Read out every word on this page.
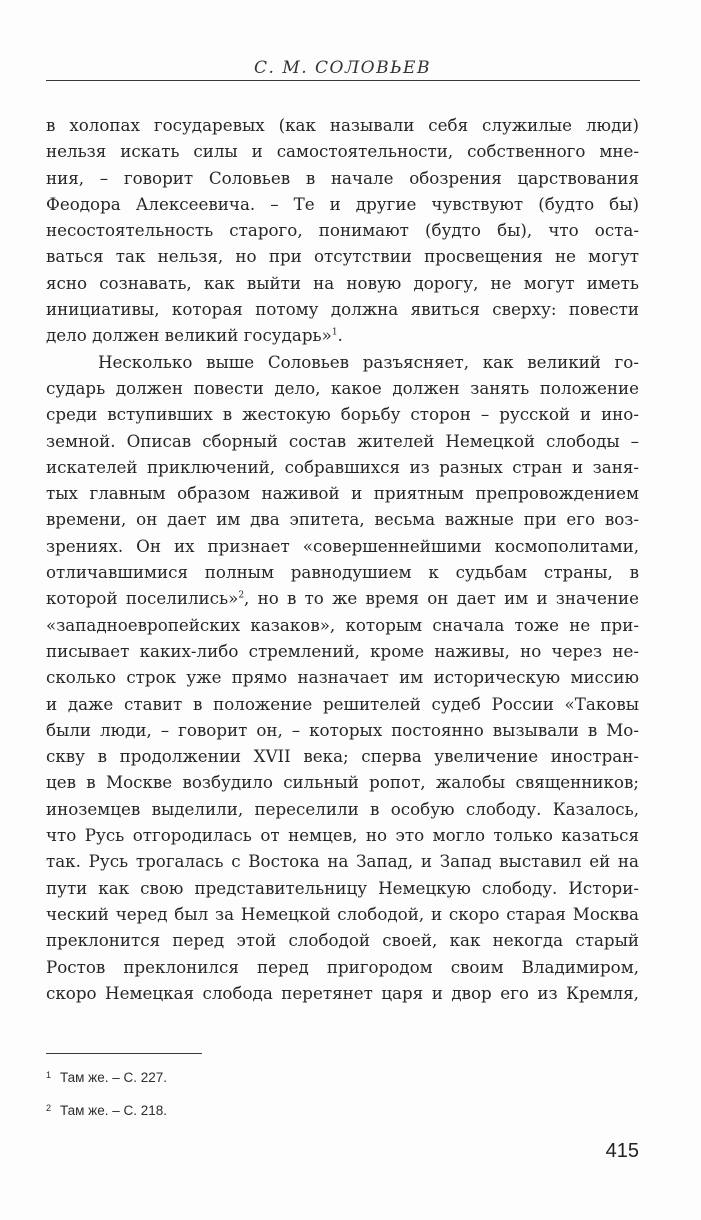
С. М. СОЛОВЬЕВ
в холопах государевых (как называли себя служилые люди)
нельзя искать силы и самостоятельности, собственного мне-
ния, – говорит Соловьев в начале обозрения царствования
Феодора Алексеевича. – Те и другие чувствуют (будто бы)
несостоятельность старого, понимают (будто бы), что оста-
ваться так нельзя, но при отсутствии просвещения не могут
ясно сознавать, как выйти на новую дорогу, не могут иметь
инициативы, которая потому должна явиться сверху: повести
дело должен великий государь»$^1$.
Несколько выше Соловьев разъясняет, как великий го-
сударь должен повести дело, какое должен занять положение
среди вступивших в жестокую борьбу сторон – русской и ино-
земной. Описав сборный состав жителей Немецкой слободы –
искателей приключений, собравшихся из разных стран и заня-
тых главным образом наживой и приятным препровождением
времени, он дает им два эпитета, весьма важные при его воз-
зрениях. Он их признает «совершеннейшими космополитами,
отличавшимися полным равнодушием к судьбам страны, в
которой поселились»$^2$, но в то же время он дает им и значение
«западноевропейских казаков», которым сначала тоже не при-
писывает каких-либо стремлений, кроме наживы, но через не-
сколько строк уже прямо назначает им историческую миссию
и даже ставит в положение решителей судеб России «Таковы
были люди, – говорит он, – которых постоянно вызывали в Мо-
скву в продолжении XVII века; сперва увеличение иностран-
цев в Москве возбудило сильный ропот, жалобы священников;
иноземцев выделили, переселили в особую слободу. Казалось,
что Русь отгородилась от немцев, но это могло только казаться
так. Русь трогалась с Востока на Запад, и Запад выставил ей на
пути как свою представительницу Немецкую слободу. Истори-
ческий черед был за Немецкой слободой, и скоро старая Москва
преклонится перед этой слободой своей, как некогда старый
Ростов преклонился перед пригородом своим Владимиром,
скоро Немецкая слобода перетянет царя и двор его из Кремля,
1 Там же. – С. 227.
2 Там же. – С. 218.
415
